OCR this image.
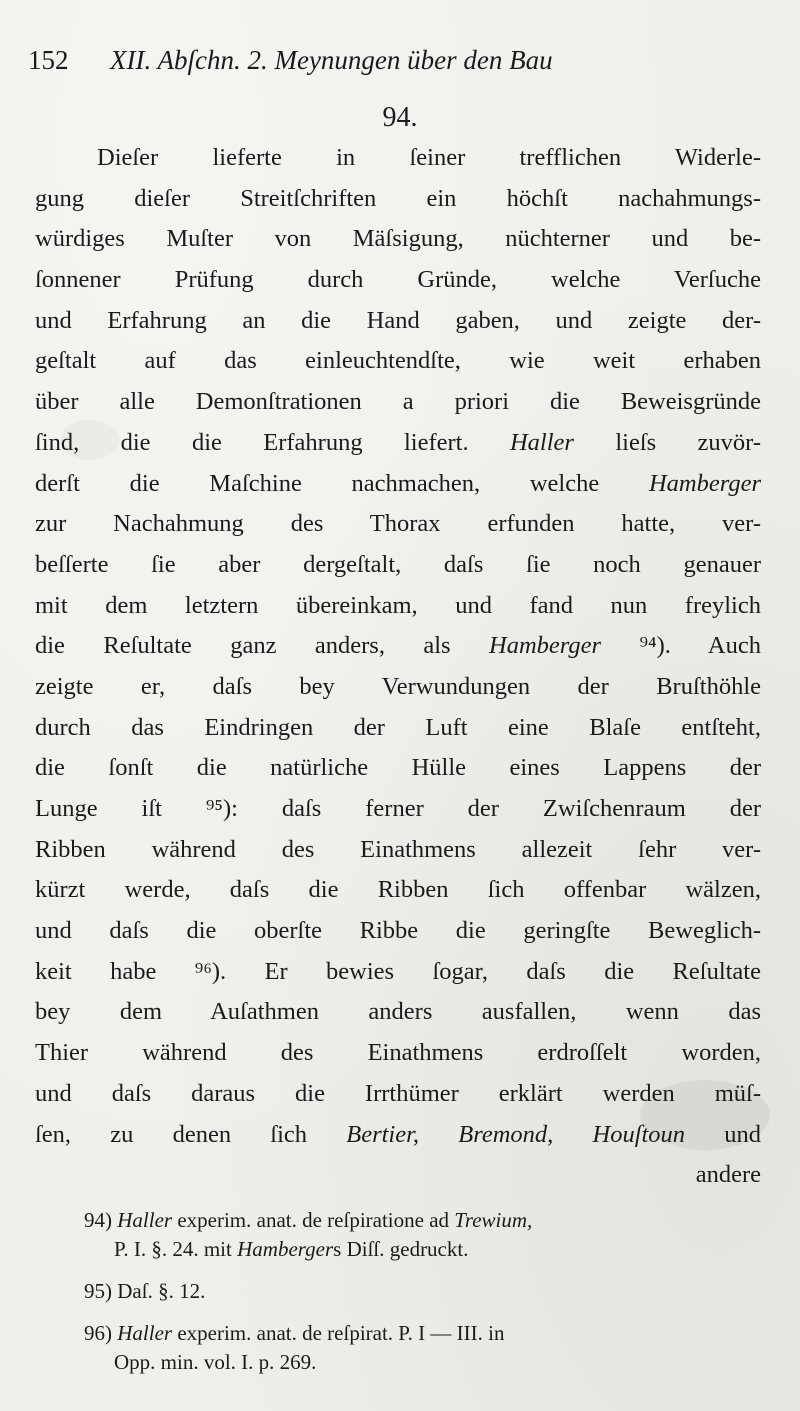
152 XII. Abſchn. 2. Meynungen über den Bau
94.
Dieſer lieferte in ſeiner trefflichen Widerle-
gung dieſer Streitſchriften ein höchſt nachahmungs-
würdiges Muſter von Mäſsigung, nüchterner und be-
ſonnener Prüfung durch Gründe, welche Verſuche
und Erfahrung an die Hand gaben, und zeigte der-
geſtalt auf das einleuchtendſte, wie weit erhaben
über alle Demonſtrationen a priori die Beweisgründe
ſind, die die Erfahrung liefert. Haller lieſs zuvör-
derſt die Maſchine nachmachen, welche Hamberger
zur Nachahmung des Thorax erfunden hatte, ver-
beſſerte ſie aber dergeſtalt, daſs ſie noch genauer
mit dem letztern übereinkam, und fand nun freylich
die Reſultate ganz anders, als Hamberger ⁹⁴). Auch
zeigte er, daſs bey Verwundungen der Bruſthöhle
durch das Eindringen der Luft eine Blaſe entſteht,
die ſonſt die natürliche Hülle eines Lappens der
Lunge iſt ⁹⁵): daſs ferner der Zwiſchenraum der
Ribben während des Einathmens allezeit ſehr ver-
kürzt werde, daſs die Ribben ſich offenbar wälzen,
und daſs die oberſte Ribbe die geringſte Beweglich-
keit habe ⁹⁶). Er bewies ſogar, daſs die Reſultate
bey dem Auſathmen anders ausfallen, wenn das
Thier während des Einathmens erdroſſelt worden,
und daſs daraus die Irrthümer erklärt werden müſ-
ſen, zu denen ſich Bertier, Bremond, Houſtoun und
andere
94) Haller experim. anat. de reſpiratione ad Trewium,
P. I. §. 24. mit Hambergers Diſſ. gedruckt.
95) Daſ. §. 12.
96) Haller experim. anat. de reſpirat. P. I — III. in
Opp. min. vol. I. p. 269.
